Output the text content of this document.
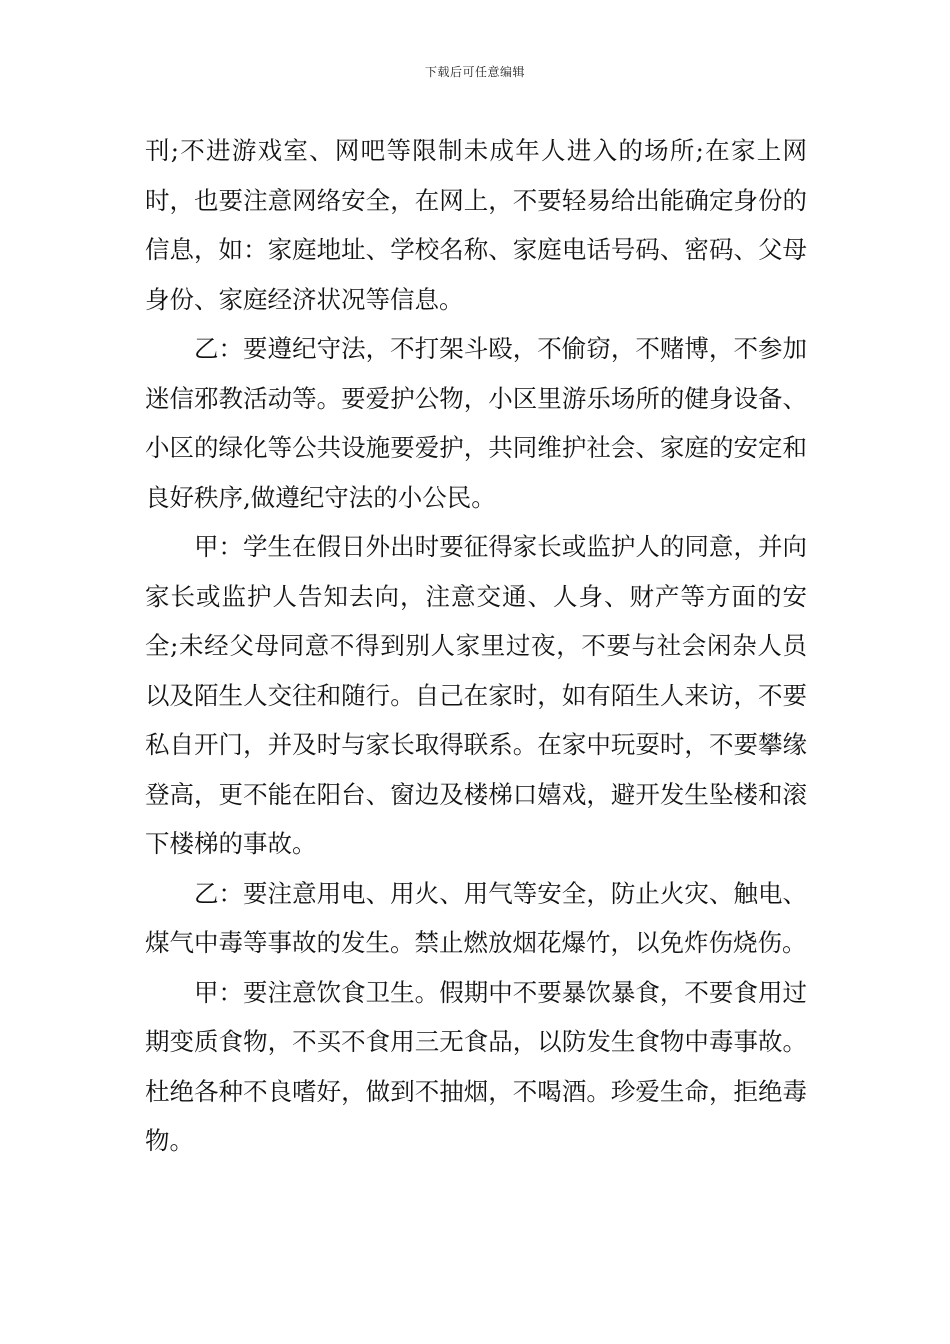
下载后可任意编辑

刊;不进游戏室、网吧等限制未成年人进入的场所;在家上网时，也要注意网络安全，在网上，不要轻易给出能确定身份的信息，如：家庭地址、学校名称、家庭电话号码、密码、父母身份、家庭经济状况等信息。

乙：要遵纪守法，不打架斗殴，不偷窃，不赌博，不参加迷信邪教活动等。要爱护公物，小区里游乐场所的健身设备、小区的绿化等公共设施要爱护，共同维护社会、家庭的安定和良好秩序,做遵纪守法的小公民。

甲：学生在假日外出时要征得家长或监护人的同意，并向家长或监护人告知去向，注意交通、人身、财产等方面的安全;未经父母同意不得到别人家里过夜，不要与社会闲杂人员以及陌生人交往和随行。自己在家时，如有陌生人来访，不要私自开门，并及时与家长取得联系。在家中玩耍时，不要攀缘登高，更不能在阳台、窗边及楼梯口嬉戏，避开发生坠楼和滚下楼梯的事故。

乙：要注意用电、用火、用气等安全，防止火灾、触电、煤气中毒等事故的发生。禁止燃放烟花爆竹，以免炸伤烧伤。

甲：要注意饮食卫生。假期中不要暴饮暴食，不要食用过期变质食物，不买不食用三无食品，以防发生食物中毒事故。杜绝各种不良嗜好，做到不抽烟，不喝酒。珍爱生命，拒绝毒物。
